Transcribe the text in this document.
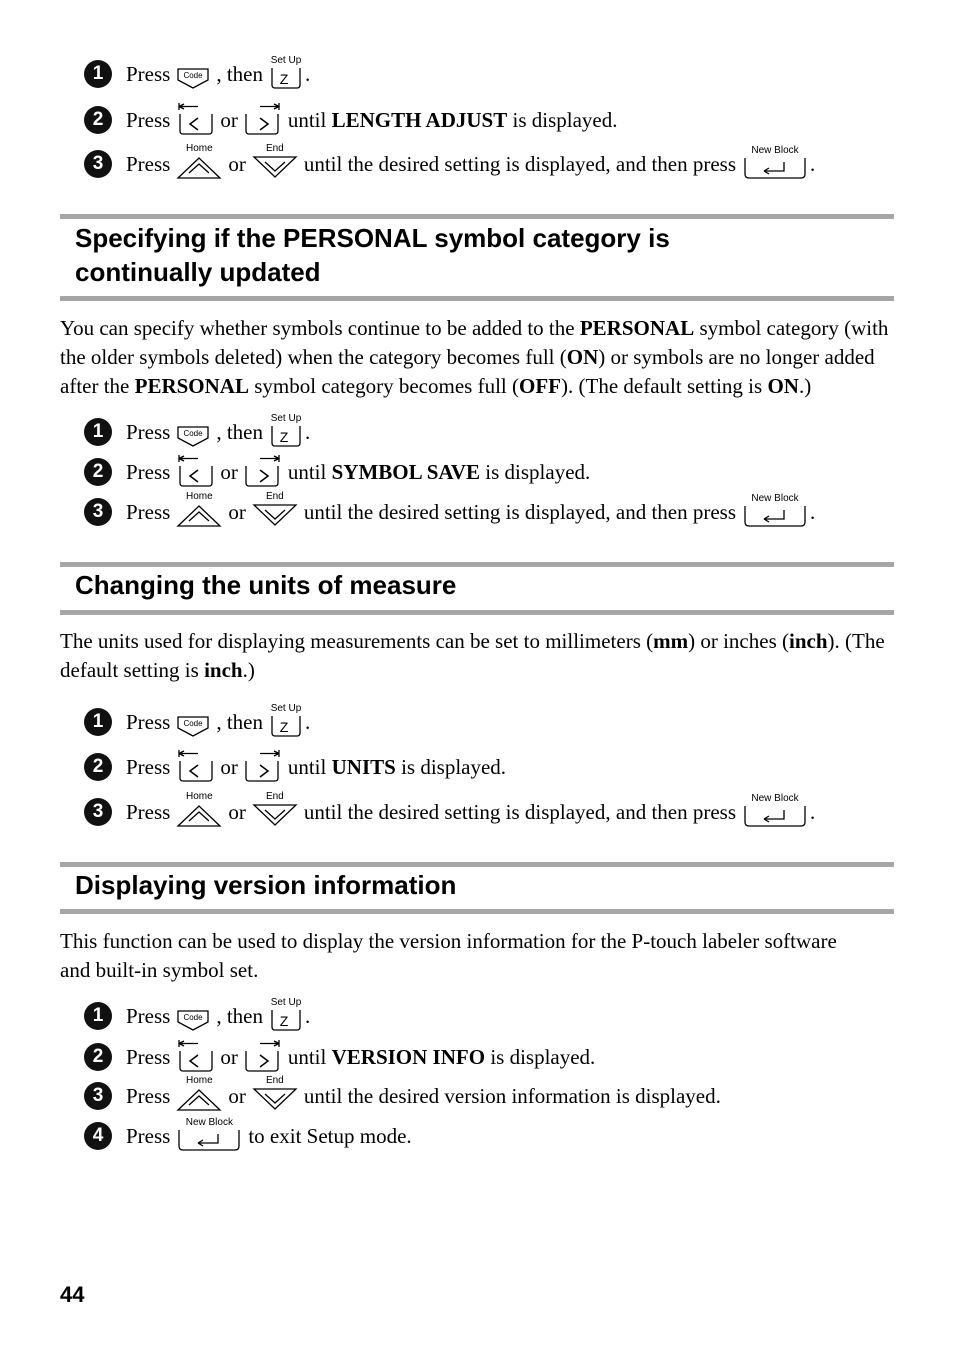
1	Press Code , then
Set Up
Z .
2	Press or until LENGTH ADJUST is displayed.
3	Press
Home
or
End
until the desired setting is displayed, and then press
New Block
.
Specifying if the PERSONAL symbol category is
continually updated
You can specify whether symbols continue to be added to the PERSONAL symbol category (with the older symbols deleted) when the category becomes full (ON) or symbols are no longer added after the PERSONAL symbol category becomes full (OFF). (The default setting is ON.)
1	Press Code , then
Set Up
Z .
2	Press or until SYMBOL SAVE is displayed.
3	Press
Home
or
End
until the desired setting is displayed, and then press
New Block
.
Changing the units of measure
The units used for displaying measurements can be set to millimeters (mm) or inches (inch). (The default setting is inch.)
1	Press Code , then
Set Up
Z .
2	Press or until UNITS is displayed.
3	Press
Home
or
End
until the desired setting is displayed, and then press
New Block
.
Displaying version information
This function can be used to display the version information for the P-touch labeler software and built-in symbol set.
1	Press Code , then
Set Up
Z .
2	Press or until VERSION INFO is displayed.
3	Press
Home
or
End
until the desired version information is displayed.
4	Press
New Block
to exit Setup mode.
44
